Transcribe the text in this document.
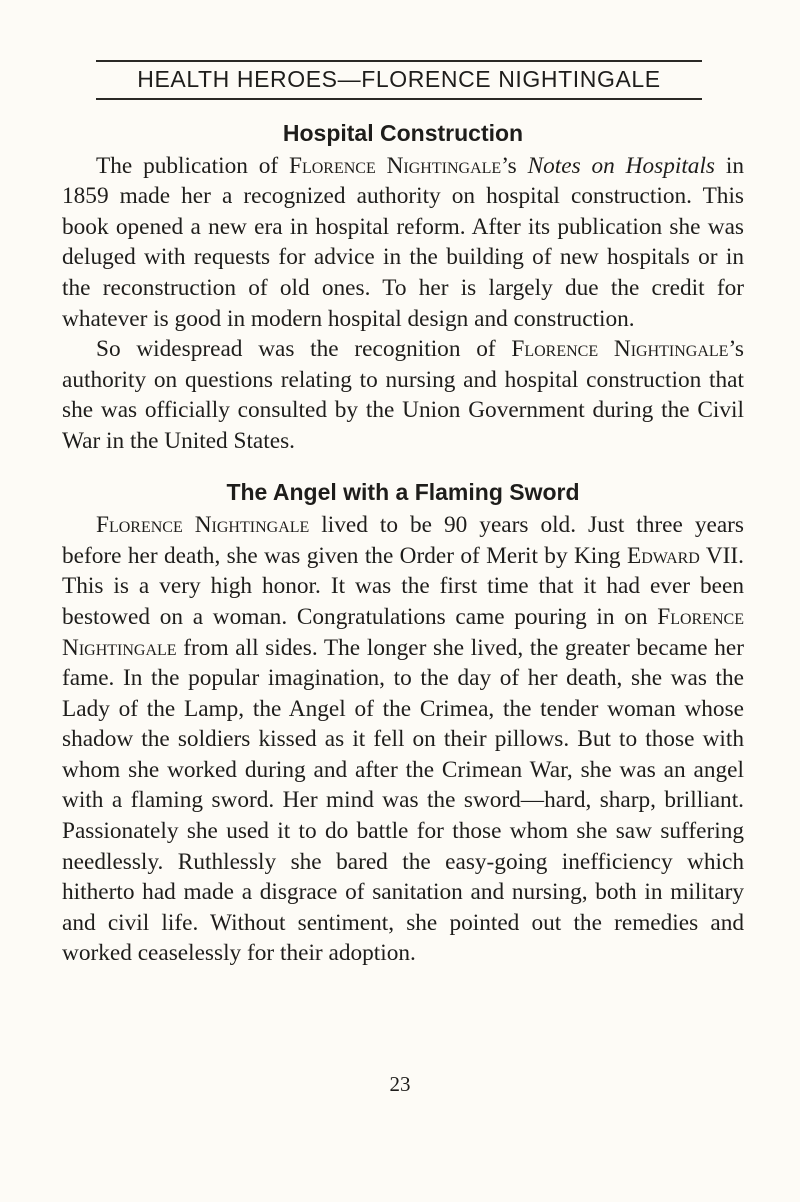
HEALTH HEROES—FLORENCE NIGHTINGALE
Hospital Construction

The publication of Florence Nightingale’s Notes on Hospitals in 1859 made her a recognized authority on hospital construction. This book opened a new era in hospital reform. After its publication she was deluged with requests for advice in the building of new hospitals or in the reconstruction of old ones. To her is largely due the credit for whatever is good in modern hospital design and construction.

So widespread was the recognition of Florence Nightingale’s authority on questions relating to nursing and hospital construction that she was officially consulted by the Union Government during the Civil War in the United States.

The Angel with a Flaming Sword

Florence Nightingale lived to be 90 years old. Just three years before her death, she was given the Order of Merit by King Edward VII. This is a very high honor. It was the first time that it had ever been bestowed on a woman. Congratulations came pouring in on Florence Nightingale from all sides. The longer she lived, the greater became her fame. In the popular imagination, to the day of her death, she was the Lady of the Lamp, the Angel of the Crimea, the tender woman whose shadow the soldiers kissed as it fell on their pillows. But to those with whom she worked during and after the Crimean War, she was an angel with a flaming sword. Her mind was the sword—hard, sharp, brilliant. Passionately she used it to do battle for those whom she saw suffering needlessly. Ruthlessly she bared the easy-going inefficiency which hitherto had made a disgrace of sanitation and nursing, both in military and civil life. Without sentiment, she pointed out the remedies and worked ceaselessly for their adoption.

23
